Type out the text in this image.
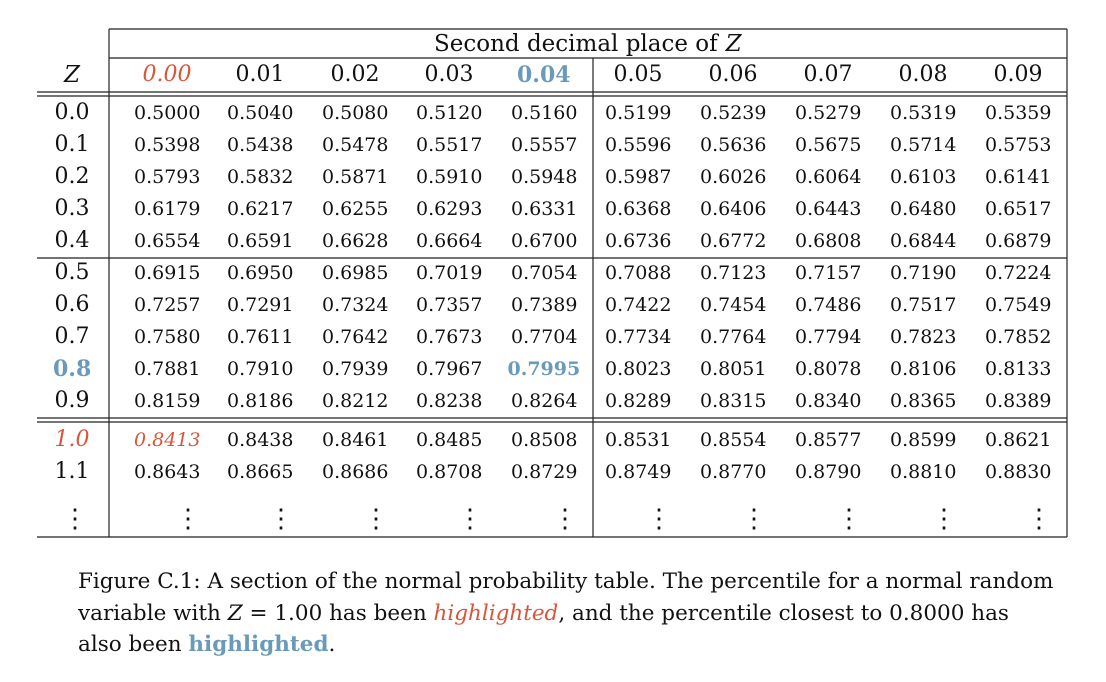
Second decimal place of Z
Z	0.00 0.01 0.02 0.03 0.04 0.05 0.06 0.07 0.08 0.09
0.0 0.5000 0.5040 0.5080 0.5120 0.5160 0.5199 0.5239 0.5279 0.5319 0.5359
0.1 0.5398 0.5438 0.5478 0.5517 0.5557 0.5596 0.5636 0.5675 0.5714 0.5753
0.2 0.5793 0.5832 0.5871 0.5910 0.5948 0.5987 0.6026 0.6064 0.6103 0.6141
0.3 0.6179 0.6217 0.6255 0.6293 0.6331 0.6368 0.6406 0.6443 0.6480 0.6517
0.4 0.6554 0.6591 0.6628 0.6664 0.6700 0.6736 0.6772 0.6808 0.6844 0.6879
0.5 0.6915 0.6950 0.6985 0.7019 0.7054 0.7088 0.7123 0.7157 0.7190 0.7224
0.6 0.7257 0.7291 0.7324 0.7357 0.7389 0.7422 0.7454 0.7486 0.7517 0.7549
0.7 0.7580 0.7611 0.7642 0.7673 0.7704 0.7734 0.7764 0.7794 0.7823 0.7852
0.8 0.7881 0.7910 0.7939 0.7967 0.7995 0.8023 0.8051 0.8078 0.8106 0.8133
0.9 0.8159 0.8186 0.8212 0.8238 0.8264 0.8289 0.8315 0.8340 0.8365 0.8389
1.0 0.8413 0.8438 0.8461 0.8485 0.8508 0.8531 0.8554 0.8577 0.8599 0.8621
1.1 0.8643 0.8665 0.8686 0.8708 0.8729 0.8749 0.8770 0.8790 0.8810 0.8830
⋮	⋮	⋮	⋮	⋮	⋮	⋮	⋮	⋮	⋮	⋮
Figure C.1: A section of the normal probability table. The percentile for a normal random variable with Z = 1.00 has been highlighted, and the percentile closest to 0.8000 has also been highlighted.
